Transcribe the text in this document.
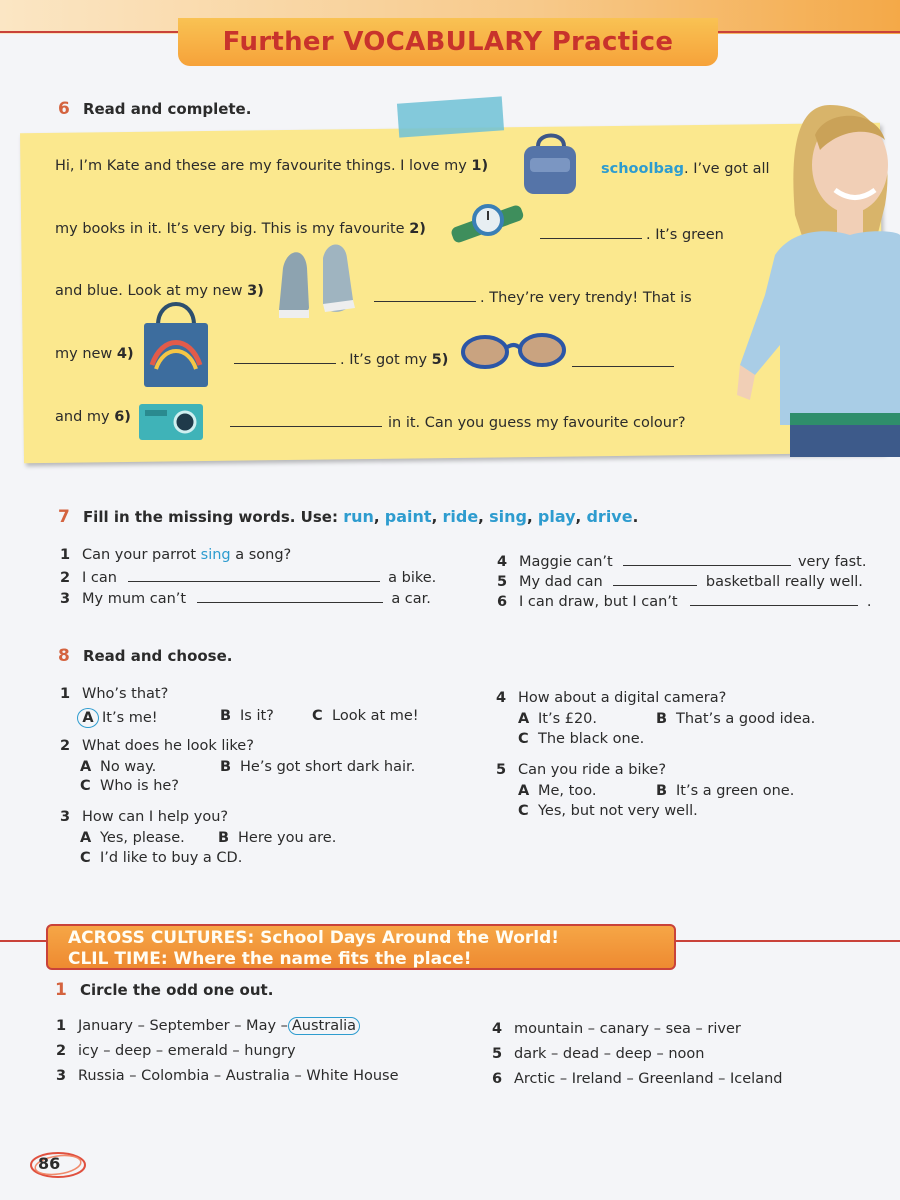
Further VOCABULARY Practice
6 Read and complete.
Hi, I’m Kate and these are my favourite things. I love my 1)	schoolbag. I’ve got all
my books in it. It’s very big. This is my favourite 2)	. It’s green
and blue. Look at my new 3)	. They’re very trendy! That is
my new 4)	. It’s got my 5)
and my 6)	in it. Can you guess my favourite colour?
7 Fill in the missing words. Use: run, paint, ride, sing, play, drive.
1 Can your parrot sing a song?
2 I can	a bike.
3 My mum can’t	a car.
4 Maggie can’t	very fast.
5 My dad can	basketball really well.
6 I can draw, but I can’t	.
8 Read and choose.
1 Who’s that?
A It’s me!	B Is it?	C Look at me!
2 What does he look like?
A No way.	B He’s got short dark hair.
C Who is he?
3 How can I help you?
A Yes, please. B Here you are.
C I’d like to buy a CD.
4 How about a digital camera?
A It’s £20.	B That’s a good idea.
C The black one.
5 Can you ride a bike?
A Me, too.	B It’s a green one.
C Yes, but not very well.
ACROSS CULTURES: School Days Around the World!
CLIL TIME: Where the name fits the place!
1 Circle the odd one out.
1 January – September – May – Australia
2 icy – deep – emerald – hungry
3 Russia – Colombia – Australia – White House
4 mountain – canary – sea – river
5 dark – dead – deep – noon
6 Arctic – Ireland – Greenland – Iceland
86
